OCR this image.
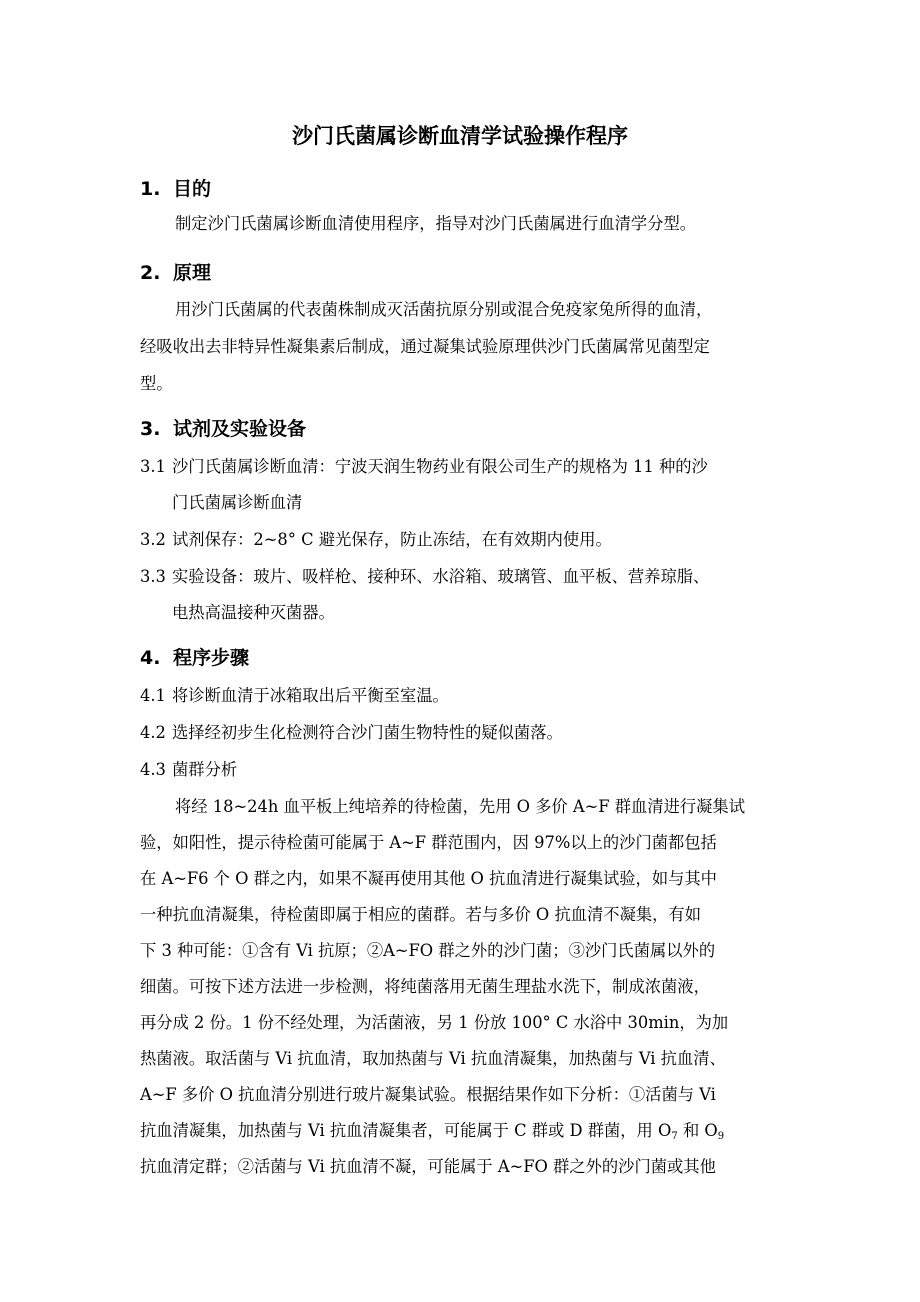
沙门氏菌属诊断血清学试验操作程序
1. 目的
制定沙门氏菌属诊断血清使用程序，指导对沙门氏菌属进行血清学分型。
2. 原理
用沙门氏菌属的代表菌株制成灭活菌抗原分别或混合免疫家兔所得的血清，
经吸收出去非特异性凝集素后制成，通过凝集试验原理供沙门氏菌属常见菌型定
型。
3. 试剂及实验设备
3.1 沙门氏菌属诊断血清：宁波天润生物药业有限公司生产的规格为 11 种的沙
门氏菌属诊断血清
3.2 试剂保存：2~8° C 避光保存，防止冻结，在有效期内使用。
3.3 实验设备：玻片、吸样枪、接种环、水浴箱、玻璃管、血平板、营养琼脂、
电热高温接种灭菌器。
4. 程序步骤
4.1 将诊断血清于冰箱取出后平衡至室温。
4.2 选择经初步生化检测符合沙门菌生物特性的疑似菌落。
4.3 菌群分析
将经 18~24h 血平板上纯培养的待检菌，先用 O 多价 A~F 群血清进行凝集试
验，如阳性，提示待检菌可能属于 A~F 群范围内，因 97%以上的沙门菌都包括
在 A~F6 个 O 群之内，如果不凝再使用其他 O 抗血清进行凝集试验，如与其中
一种抗血清凝集，待检菌即属于相应的菌群。若与多价 O 抗血清不凝集，有如
下 3 种可能：①含有 Vi 抗原；②A~FO 群之外的沙门菌；③沙门氏菌属以外的
细菌。可按下述方法进一步检测，将纯菌落用无菌生理盐水洗下，制成浓菌液，
再分成 2 份。1 份不经处理，为活菌液，另 1 份放 100° C 水浴中 30min，为加
热菌液。取活菌与 Vi 抗血清，取加热菌与 Vi 抗血清凝集，加热菌与 Vi 抗血清、
A~F 多价 O 抗血清分别进行玻片凝集试验。根据结果作如下分析：①活菌与 Vi
抗血清凝集，加热菌与 Vi 抗血清凝集者，可能属于 C 群或 D 群菌，用 $O_7$ 和 $O_9$
抗血清定群；②活菌与 Vi 抗血清不凝，可能属于 A~FO 群之外的沙门菌或其他
